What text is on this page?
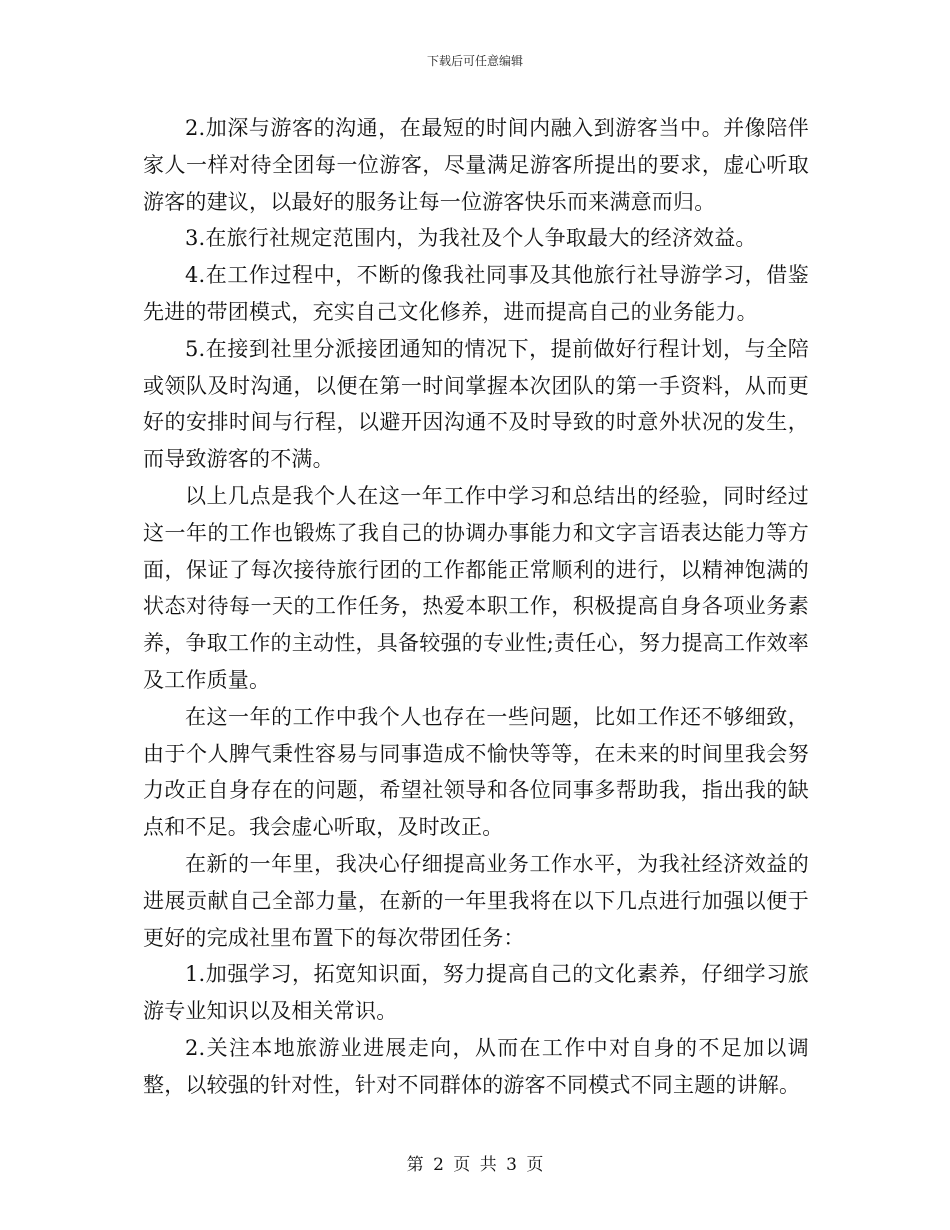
下载后可任意编辑

2.加深与游客的沟通，在最短的时间内融入到游客当中。并像陪伴家人一样对待全团每一位游客，尽量满足游客所提出的要求，虚心听取游客的建议，以最好的服务让每一位游客快乐而来满意而归。

3.在旅行社规定范围内，为我社及个人争取最大的经济效益。

4.在工作过程中，不断的像我社同事及其他旅行社导游学习，借鉴先进的带团模式，充实自己文化修养，进而提高自己的业务能力。

5.在接到社里分派接团通知的情况下，提前做好行程计划，与全陪或领队及时沟通，以便在第一时间掌握本次团队的第一手资料，从而更好的安排时间与行程，以避开因沟通不及时导致的时意外状况的发生，而导致游客的不满。

以上几点是我个人在这一年工作中学习和总结出的经验，同时经过这一年的工作也锻炼了我自己的协调办事能力和文字言语表达能力等方面，保证了每次接待旅行团的工作都能正常顺利的进行，以精神饱满的状态对待每一天的工作任务，热爱本职工作，积极提高自身各项业务素养，争取工作的主动性，具备较强的专业性;责任心，努力提高工作效率及工作质量。

在这一年的工作中我个人也存在一些问题，比如工作还不够细致，由于个人脾气秉性容易与同事造成不愉快等等，在未来的时间里我会努力改正自身存在的问题，希望社领导和各位同事多帮助我，指出我的缺点和不足。我会虚心听取，及时改正。

在新的一年里，我决心仔细提高业务工作水平，为我社经济效益的进展贡献自己全部力量，在新的一年里我将在以下几点进行加强以便于更好的完成社里布置下的每次带团任务：

1.加强学习，拓宽知识面，努力提高自己的文化素养，仔细学习旅游专业知识以及相关常识。

2.关注本地旅游业进展走向，从而在工作中对自身的不足加以调整，以较强的针对性，针对不同群体的游客不同模式不同主题的讲解。

第 2 页 共 3 页
